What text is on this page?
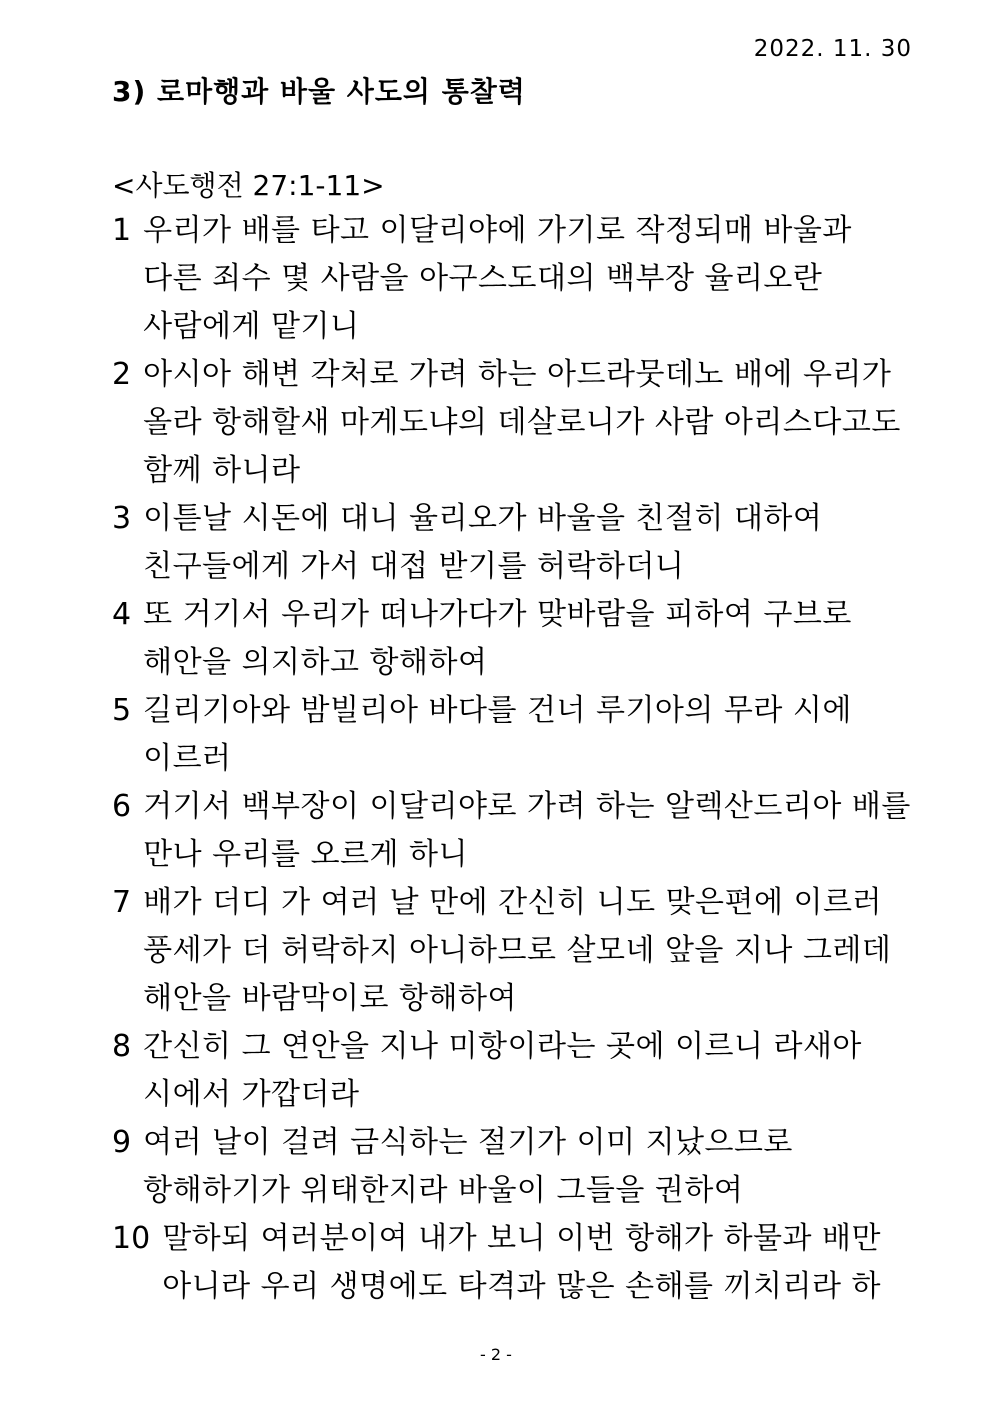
2022. 11. 30
3) 로마행과 바울 사도의 통찰력
<사도행전 27:1-11>
1 우리가 배를 타고 이달리야에 가기로 작정되매 바울과 다른 죄수 몇 사람을 아구스도대의 백부장 율리오란 사람에게 맡기니
2 아시아 해변 각처로 가려 하는 아드라뭇데노 배에 우리가 올라 항해할새 마게도냐의 데살로니가 사람 아리스다고도 함께 하니라
3 이튿날 시돈에 대니 율리오가 바울을 친절히 대하여 친구들에게 가서 대접 받기를 허락하더니
4 또 거기서 우리가 떠나가다가 맞바람을 피하여 구브로 해안을 의지하고 항해하여
5 길리기아와 밤빌리아 바다를 건너 루기아의 무라 시에 이르러
6 거기서 백부장이 이달리야로 가려 하는 알렉산드리아 배를 만나 우리를 오르게 하니
7 배가 더디 가 여러 날 만에 간신히 니도 맞은편에 이르러 풍세가 더 허락하지 아니하므로 살모네 앞을 지나 그레데 해안을 바람막이로 항해하여
8 간신히 그 연안을 지나 미항이라는 곳에 이르니 라새아 시에서 가깝더라
9 여러 날이 걸려 금식하는 절기가 이미 지났으므로 항해하기가 위태한지라 바울이 그들을 권하여
10 말하되 여러분이여 내가 보니 이번 항해가 하물과 배만 아니라 우리 생명에도 타격과 많은 손해를 끼치리라 하
- 2 -
